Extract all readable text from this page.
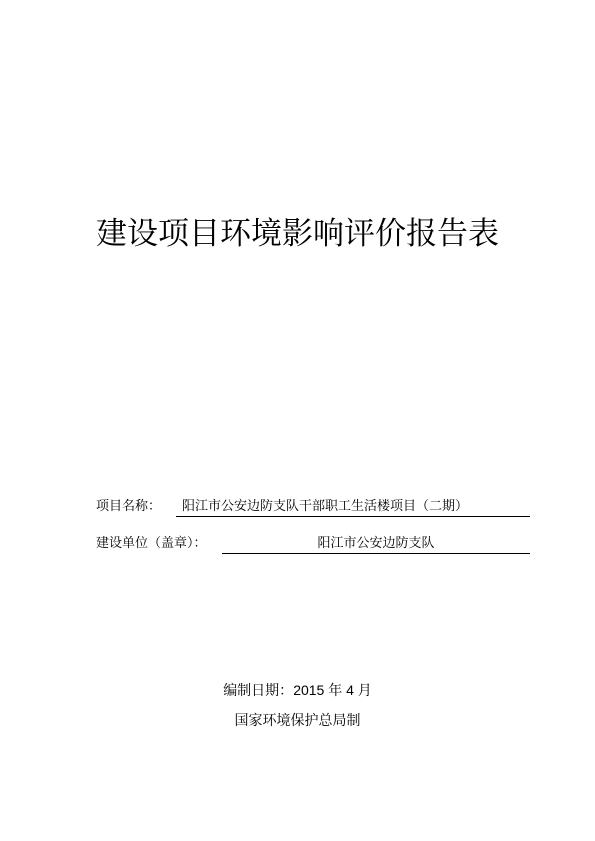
建设项目环境影响评价报告表
项目名称：	阳江市公安边防支队干部职工生活楼项目（二期）
建设单位（盖章）：	阳江市公安边防支队
编制日期：2015 年 4 月
国家环境保护总局制
